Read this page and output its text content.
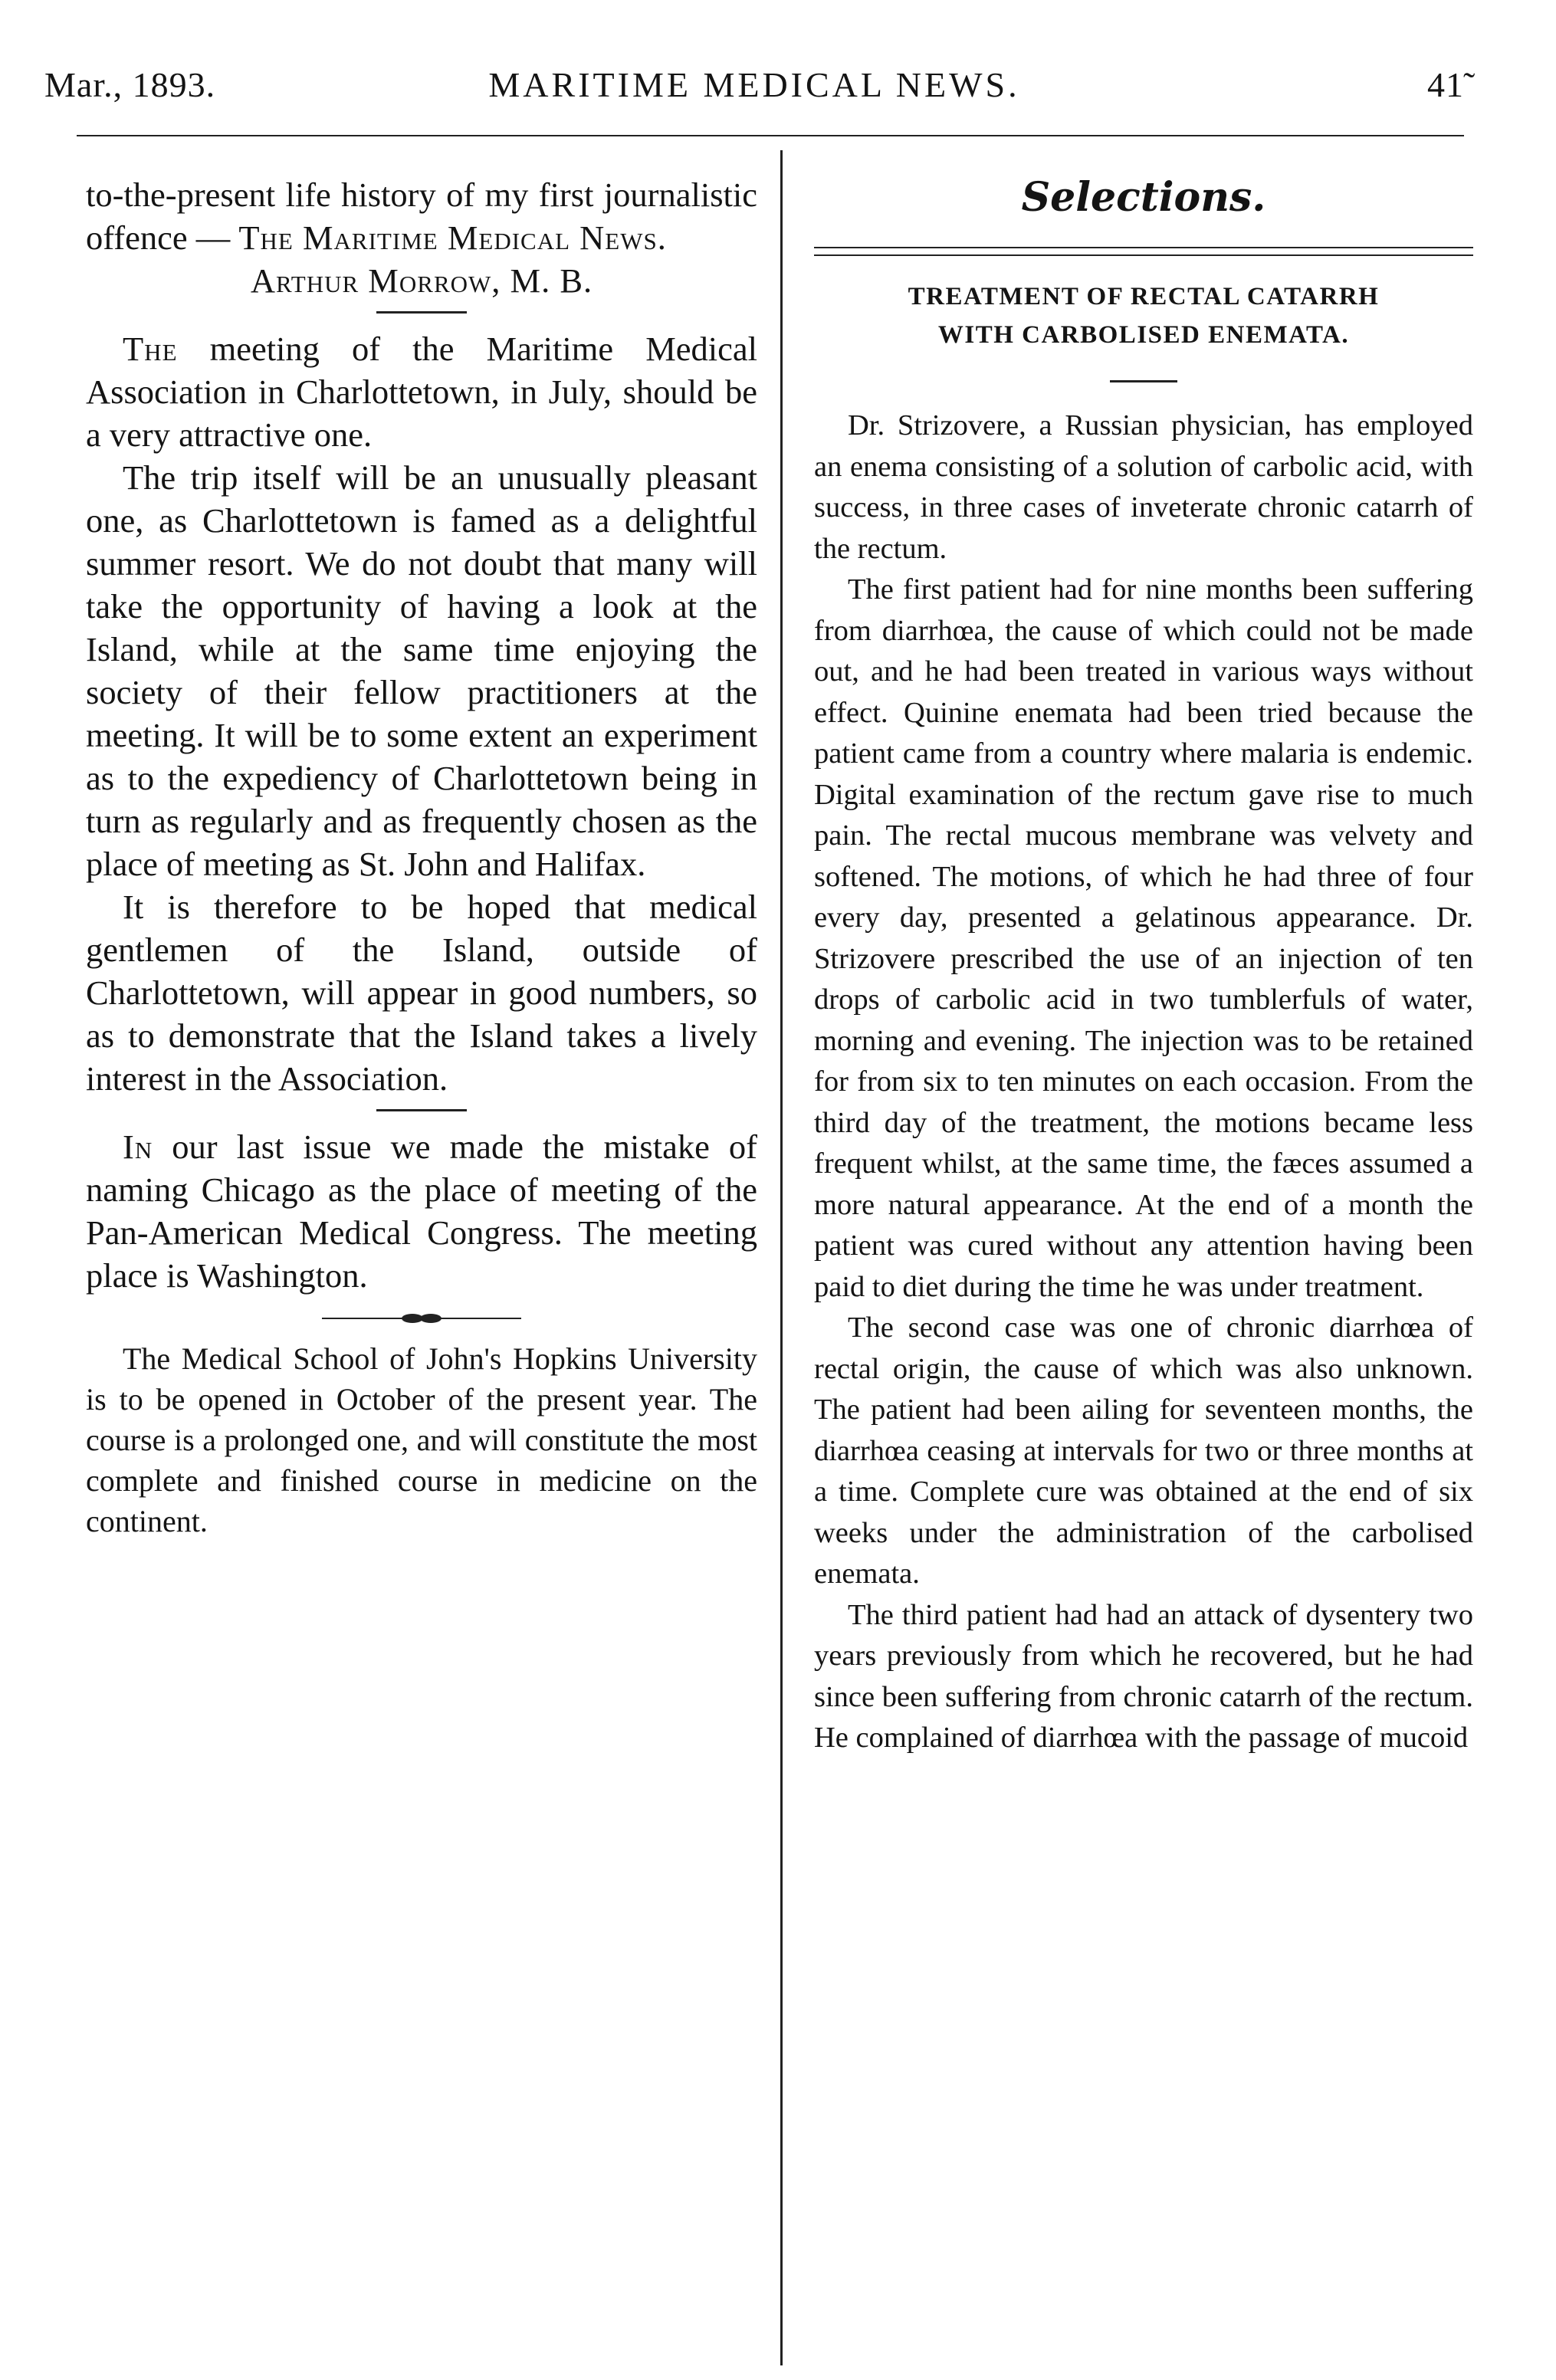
Mar., 1893.	MARITIME MEDICAL NEWS.	41

to-the-present life history of my first journalistic offence — The Maritime Medical News.

Arthur Morrow, M. B.

The meeting of the Maritime Medical Association in Charlottetown, in July, should be a very attractive one.

The trip itself will be an unusually pleasant one, as Charlottetown is famed as a delightful summer resort. We do not doubt that many will take the opportunity of having a look at the Island, while at the same time enjoying the society of their fellow practitioners at the meeting. It will be to some extent an experiment as to the expediency of Charlottetown being in turn as regularly and as frequently chosen as the place of meeting as St. John and Halifax.

It is therefore to be hoped that medical gentlemen of the Island, outside of Charlottetown, will appear in good numbers, so as to demonstrate that the Island takes a lively interest in the Association.

In our last issue we made the mistake of naming Chicago as the place of meeting of the Pan-American Medical Congress. The meeting place is Washington.

The Medical School of John's Hopkins University is to be opened in October of the present year. The course is a prolonged one, and will constitute the most complete and finished course in medicine on the continent.

Selections.

TREATMENT OF RECTAL CATARRH
WITH CARBOLISED ENEMATA.

Dr. Strizovere, a Russian physician, has employed an enema consisting of a solution of carbolic acid, with success, in three cases of inveterate chronic catarrh of the rectum.

The first patient had for nine months been suffering from diarrhœa, the cause of which could not be made out, and he had been treated in various ways without effect. Quinine enemata had been tried because the patient came from a country where malaria is endemic. Digital examination of the rectum gave rise to much pain. The rectal mucous membrane was velvety and softened. The motions, of which he had three of four every day, presented a gelatinous appearance. Dr. Strizovere prescribed the use of an injection of ten drops of carbolic acid in two tumblerfuls of water, morning and evening. The injection was to be retained for from six to ten minutes on each occasion. From the third day of the treatment, the motions became less frequent whilst, at the same time, the fæces assumed a more natural appearance. At the end of a month the patient was cured without any attention having been paid to diet during the time he was under treatment.

The second case was one of chronic diarrhœa of rectal origin, the cause of which was also unknown. The patient had been ailing for seventeen months, the diarrhœa ceasing at intervals for two or three months at a time. Complete cure was obtained at the end of six weeks under the administration of the carbolised enemata.

The third patient had had an attack of dysentery two years previously from which he recovered, but he had since been suffering from chronic catarrh of the rectum. He complained of diarrhœa with the passage of mucoid
